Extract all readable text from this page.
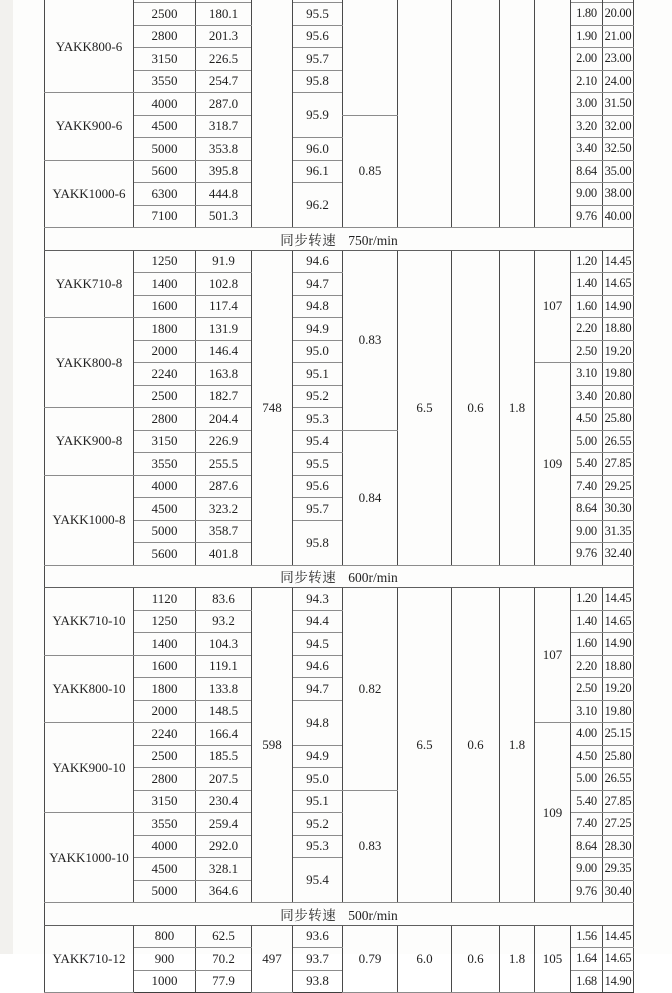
YAKK800-6	2500	180.1		95.5						1.80	20.00
	2800	201.3		95.6						1.90	21.00
	3150	226.5		95.7						2.00	23.00
	3550	254.7		95.8						2.10	24.00
YAKK900-6	4000	287.0		95.9						3.00	31.50
	4500	318.7			0.85					3.20	32.00
	5000	353.8		96.0						3.40	32.50
YAKK1000-6	5600	395.8		96.1						8.64	35.00
	6300	444.8		96.2						9.00	38.00
	7100	501.3								9.76	40.00
同步转速 750r/min											
YAKK710-8	1250	91.9	748	94.6	0.83	6.5	0.6	1.8	107	1.20	14.45
	1400	102.8		94.7						1.40	14.65
	1600	117.4		94.8						1.60	14.90
YAKK800-8	1800	131.9		94.9						2.20	18.80
	2000	146.4		95.0						2.50	19.20
	2240	163.8		95.1					109	3.10	19.80
	2500	182.7		95.2						3.40	20.80
YAKK900-8	2800	204.4		95.3						4.50	25.80
	3150	226.9		95.4	0.84					5.00	26.55
	3550	255.5		95.5						5.40	27.85
YAKK1000-8	4000	287.6		95.6						7.40	29.25
	4500	323.2		95.7						8.64	30.30
	5000	358.7		95.8						9.00	31.35
	5600	401.8								9.76	32.40
同步转速 600r/min											
YAKK710-10	1120	83.6	598	94.3	0.82	6.5	0.6	1.8	107	1.20	14.45
	1250	93.2		94.4						1.40	14.65
	1400	104.3		94.5						1.60	14.90
YAKK800-10	1600	119.1		94.6						2.20	18.80
	1800	133.8		94.7						2.50	19.20
	2000	148.5		94.8						3.10	19.80
YAKK900-10	2240	166.4							109	4.00	25.15
	2500	185.5		94.9						4.50	25.80
	2800	207.5		95.0						5.00	26.55
	3150	230.4		95.1	0.83					5.40	27.85
YAKK1000-10	3550	259.4		95.2						7.40	27.25
	4000	292.0		95.3						8.64	28.30
	4500	328.1		95.4						9.00	29.35
	5000	364.6								9.76	30.40
同步转速 500r/min											
YAKK710-12	800	62.5	497	93.6	0.79	6.0	0.6	1.8	105	1.56	14.45
	900	70.2		93.7						1.64	14.65
	1000	77.9		93.8						1.68	14.90
